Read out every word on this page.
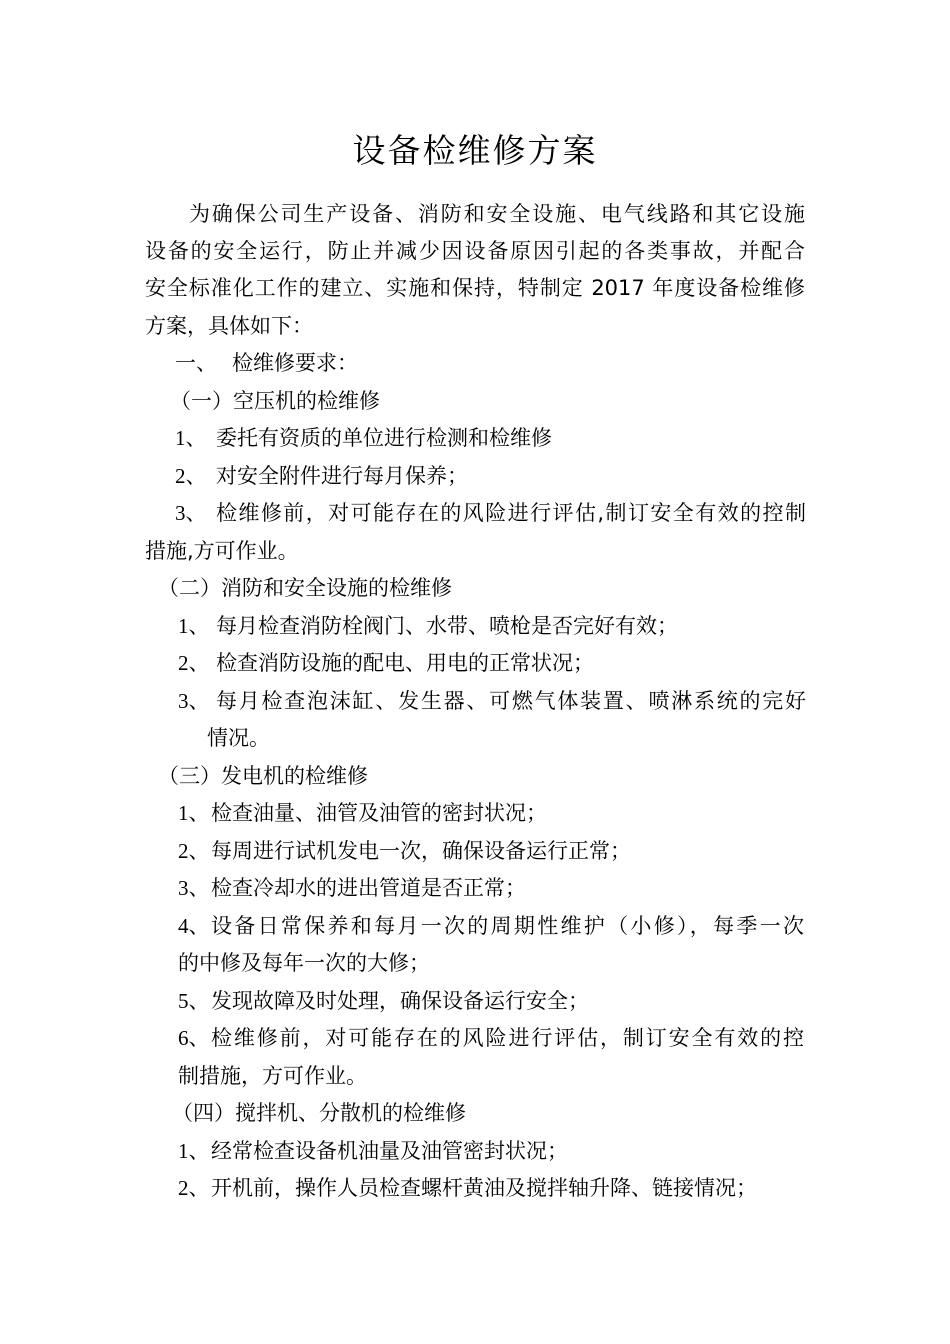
设备检维修方案
为确保公司生产设备、消防和安全设施、电气线路和其它设施
设备的安全运行，防止并减少因设备原因引起的各类事故，并配合
安全标准化工作的建立、实施和保持，特制定 2017 年度设备检维修
方案，具体如下：
一、 检维修要求：
（一）空压机的检维修
1、 委托有资质的单位进行检测和检维修
2、 对安全附件进行每月保养；
3、 检维修前，对可能存在的风险进行评估,制订安全有效的控制
措施,方可作业。
（二）消防和安全设施的检维修
1、 每月检查消防栓阀门、水带、喷枪是否完好有效；
2、 检查消防设施的配电、用电的正常状况；
3、 每月检查泡沫缸、发生器、可燃气体装置、喷淋系统的完好
情况。
（三）发电机的检维修
1、 检查油量、油管及油管的密封状况；
2、 每周进行试机发电一次，确保设备运行正常；
3、 检查冷却水的进出管道是否正常；
4、 设备日常保养和每月一次的周期性维护（小修），每季一次
的中修及每年一次的大修；
5、 发现故障及时处理，确保设备运行安全；
6、 检维修前，对可能存在的风险进行评估，制订安全有效的控
制措施，方可作业。
（四）搅拌机、分散机的检维修
1、 经常检查设备机油量及油管密封状况；
2、 开机前，操作人员检查螺杆黄油及搅拌轴升降、链接情况；
